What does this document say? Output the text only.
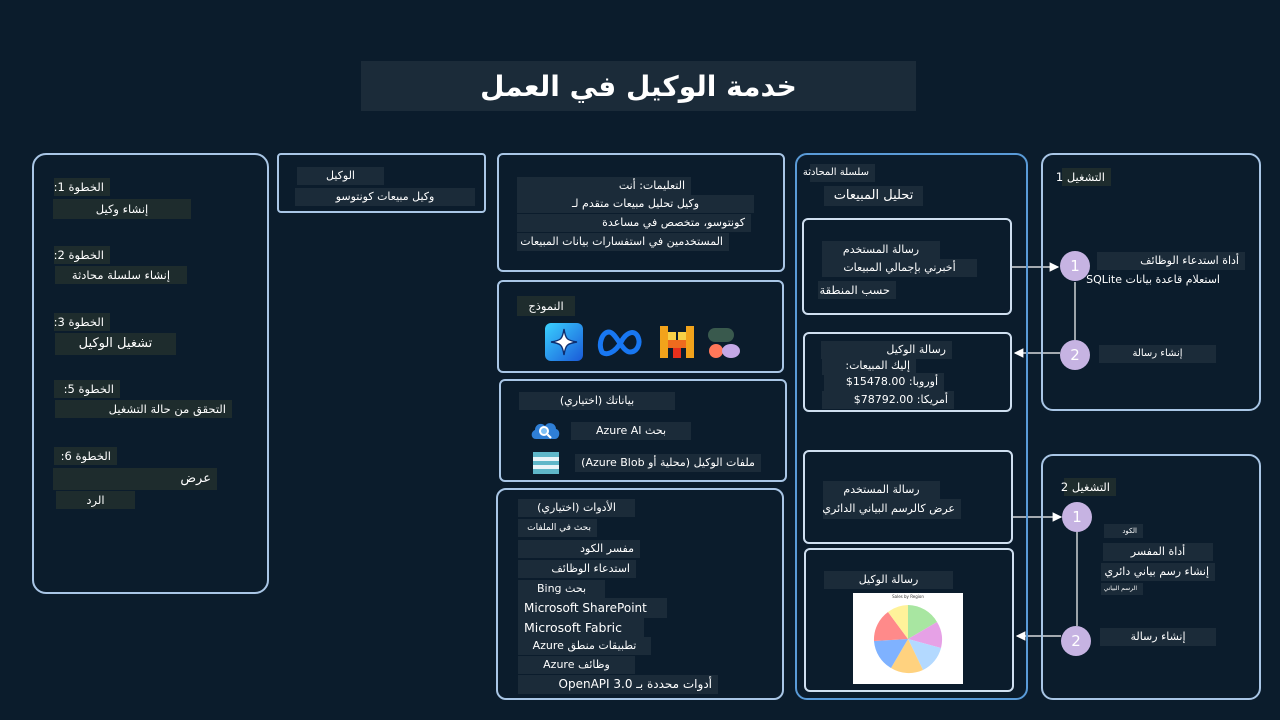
خدمة الوكيل في العمل
الخطوة 1:
إنشاء وكيل
الخطوة 2:
إنشاء سلسلة محادثة
الخطوة 3:
تشغيل الوكيل
الخطوة 5:
التحقق من حالة التشغيل
الخطوة 6:
عرض
الرد
الوكيل
وكيل مبيعات كونتوسو
التعليمات: أنت
وكيل تحليل مبيعات متقدم لـ
كونتوسو، متخصص في مساعدة
المستخدمين في استفسارات بيانات المبيعات
النموذج
بياناتك (اختياري)
بحث Azure AI
ملفات الوكيل (محلية أو Azure Blob)
الأدوات (اختياري)
بحث في الملفات
مفسر الكود
استدعاء الوظائف
بحث Bing
Microsoft SharePoint
Microsoft Fabric
تطبيقات منطق Azure
وظائف Azure
أدوات محددة بـ OpenAPI 3.0
سلسلة المحادثة
تحليل المبيعات
رسالة المستخدم
أخبرني بإجمالي المبيعات
حسب المنطقة
رسالة الوكيل
إليك المبيعات:
أوروبا: 15478.00$
أمريكا: 78792.00$
رسالة المستخدم
عرض كالرسم البياني الدائري
رسالة الوكيل
Sales by Region
التشغيل 1
1	أداة استدعاء الوظائف
استعلام قاعدة بيانات SQLite
2	إنشاء رسالة
التشغيل 2
1
الكود
أداة المفسر
إنشاء رسم بياني دائري
الرسم البياني
2	إنشاء رسالة
